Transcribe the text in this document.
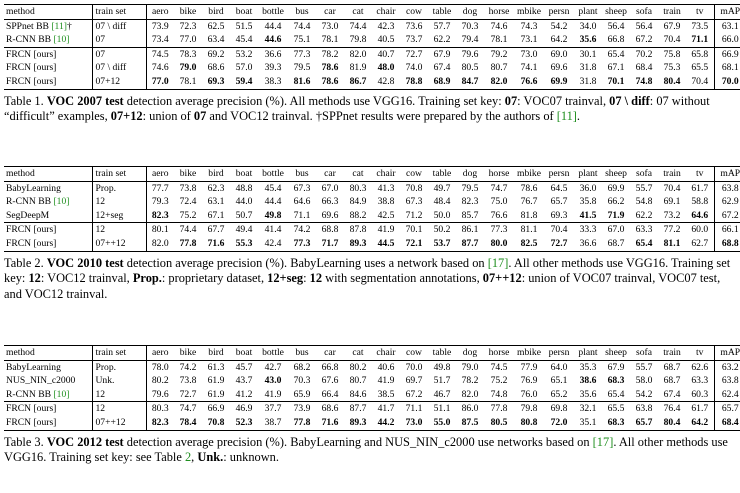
method	train set	aero	bike	bird	boat	bottle	bus	car	cat	chair	cow	table	dog	horse	mbike	persn	plant	sheep	sofa	train	tv	mAP
SPPnet BB [11]†	07 \ diff	73.9	72.3	62.5	51.5	44.4	74.4	73.0	74.4	42.3	73.6	57.7	70.3	74.6	74.3	54.2	34.0	56.4	56.4	67.9	73.5	63.1
R-CNN BB [10]	07	73.4	77.0	63.4	45.4	44.6	75.1	78.1	79.8	40.5	73.7	62.2	79.4	78.1	73.1	64.2	35.6	66.8	67.2	70.4	71.1	66.0
FRCN [ours]	07	74.5	78.3	69.2	53.2	36.6	77.3	78.2	82.0	40.7	72.7	67.9	79.6	79.2	73.0	69.0	30.1	65.4	70.2	75.8	65.8	66.9
FRCN [ours]	07 \ diff	74.6	79.0	68.6	57.0	39.3	79.5	78.6	81.9	48.0	74.0	67.4	80.5	80.7	74.1	69.6	31.8	67.1	68.4	75.3	65.5	68.1
FRCN [ours]	07+12	77.0	78.1	69.3	59.4	38.3	81.6	78.6	86.7	42.8	78.8	68.9	84.7	82.0	76.6	69.9	31.8	70.1	74.8	80.4	70.4	70.0
Table 1. VOC 2007 test detection average precision (%). All methods use VGG16. Training set key: 07: VOC07 trainval, 07 \ diff: 07 without “difficult” examples, 07+12: union of 07 and VOC12 trainval. †SPPnet results were prepared by the authors of [11].
method	train set	aero	bike	bird	boat	bottle	bus	car	cat	chair	cow	table	dog	horse	mbike	persn	plant	sheep	sofa	train	tv	mAP
BabyLearning	Prop.	77.7	73.8	62.3	48.8	45.4	67.3	67.0	80.3	41.3	70.8	49.7	79.5	74.7	78.6	64.5	36.0	69.9	55.7	70.4	61.7	63.8
R-CNN BB [10]	12	79.3	72.4	63.1	44.0	44.4	64.6	66.3	84.9	38.8	67.3	48.4	82.3	75.0	76.7	65.7	35.8	66.2	54.8	69.1	58.8	62.9
SegDeepM	12+seg	82.3	75.2	67.1	50.7	49.8	71.1	69.6	88.2	42.5	71.2	50.0	85.7	76.6	81.8	69.3	41.5	71.9	62.2	73.2	64.6	67.2
FRCN [ours]	12	80.1	74.4	67.7	49.4	41.4	74.2	68.8	87.8	41.9	70.1	50.2	86.1	77.3	81.1	70.4	33.3	67.0	63.3	77.2	60.0	66.1
FRCN [ours]	07++12	82.0	77.8	71.6	55.3	42.4	77.3	71.7	89.3	44.5	72.1	53.7	87.7	80.0	82.5	72.7	36.6	68.7	65.4	81.1	62.7	68.8
Table 2. VOC 2010 test detection average precision (%). BabyLearning uses a network based on [17]. All other methods use VGG16. Training set key: 12: VOC12 trainval, Prop.: proprietary dataset, 12+seg: 12 with segmentation annotations, 07++12: union of VOC07 trainval, VOC07 test, and VOC12 trainval.
method	train set	aero	bike	bird	boat	bottle	bus	car	cat	chair	cow	table	dog	horse	mbike	persn	plant	sheep	sofa	train	tv	mAP
BabyLearning	Prop.	78.0	74.2	61.3	45.7	42.7	68.2	66.8	80.2	40.6	70.0	49.8	79.0	74.5	77.9	64.0	35.3	67.9	55.7	68.7	62.6	63.2
NUS_NIN_c2000	Unk.	80.2	73.8	61.9	43.7	43.0	70.3	67.6	80.7	41.9	69.7	51.7	78.2	75.2	76.9	65.1	38.6	68.3	58.0	68.7	63.3	63.8
R-CNN BB [10]	12	79.6	72.7	61.9	41.2	41.9	65.9	66.4	84.6	38.5	67.2	46.7	82.0	74.8	76.0	65.2	35.6	65.4	54.2	67.4	60.3	62.4
FRCN [ours]	12	80.3	74.7	66.9	46.9	37.7	73.9	68.6	87.7	41.7	71.1	51.1	86.0	77.8	79.8	69.8	32.1	65.5	63.8	76.4	61.7	65.7
FRCN [ours]	07++12	82.3	78.4	70.8	52.3	38.7	77.8	71.6	89.3	44.2	73.0	55.0	87.5	80.5	80.8	72.0	35.1	68.3	65.7	80.4	64.2	68.4
Table 3. VOC 2012 test detection average precision (%). BabyLearning and NUS_NIN_c2000 use networks based on [17]. All other methods use VGG16. Training set key: see Table 2, Unk.: unknown.
